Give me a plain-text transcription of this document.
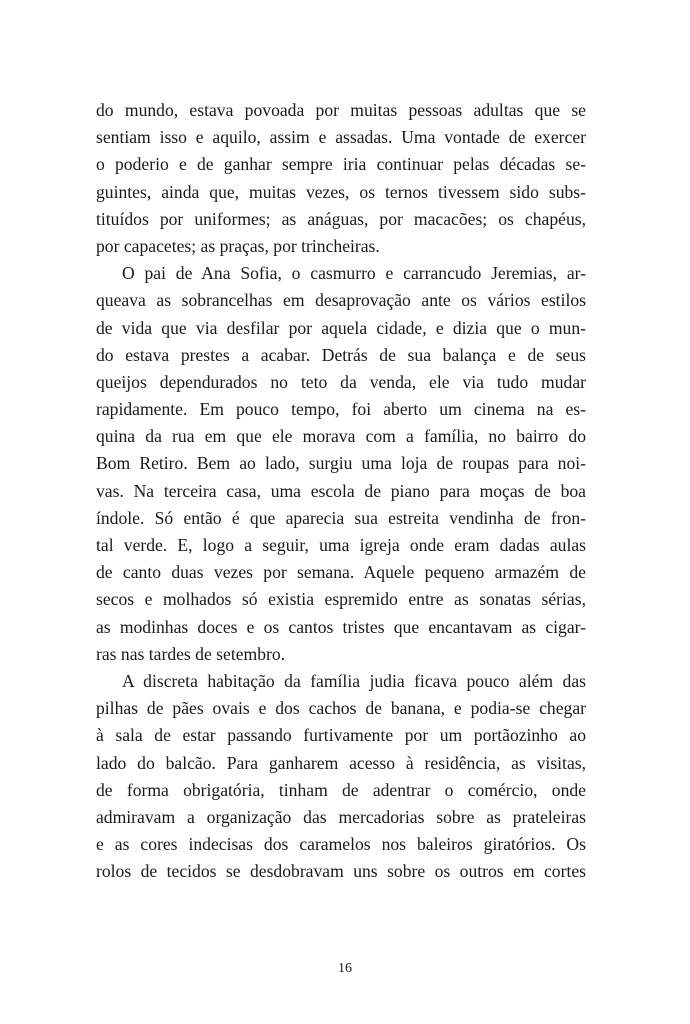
do mundo, estava povoada por muitas pessoas adultas que se
sentiam isso e aquilo, assim e assadas. Uma vontade de exercer
o poderio e de ganhar sempre iria continuar pelas décadas se-
guintes, ainda que, muitas vezes, os ternos tivessem sido subs-
tituídos por uniformes; as anáguas, por macacões; os chapéus,
por capacetes; as praças, por trincheiras.
O pai de Ana Sofia, o casmurro e carrancudo Jeremias, ar-
queava as sobrancelhas em desaprovação ante os vários estilos
de vida que via desfilar por aquela cidade, e dizia que o mun-
do estava prestes a acabar. Detrás de sua balança e de seus
queijos dependurados no teto da venda, ele via tudo mudar
rapidamente. Em pouco tempo, foi aberto um cinema na es-
quina da rua em que ele morava com a família, no bairro do
Bom Retiro. Bem ao lado, surgiu uma loja de roupas para noi-
vas. Na terceira casa, uma escola de piano para moças de boa
índole. Só então é que aparecia sua estreita vendinha de fron-
tal verde. E, logo a seguir, uma igreja onde eram dadas aulas
de canto duas vezes por semana. Aquele pequeno armazém de
secos e molhados só existia espremido entre as sonatas sérias,
as modinhas doces e os cantos tristes que encantavam as cigar-
ras nas tardes de setembro.
A discreta habitação da família judia ficava pouco além das
pilhas de pães ovais e dos cachos de banana, e podia-se chegar
à sala de estar passando furtivamente por um portãozinho ao
lado do balcão. Para ganharem acesso à residência, as visitas,
de forma obrigatória, tinham de adentrar o comércio, onde
admiravam a organização das mercadorias sobre as prateleiras
e as cores indecisas dos caramelos nos baleiros giratórios. Os
rolos de tecidos se desdobravam uns sobre os outros em cortes
16
